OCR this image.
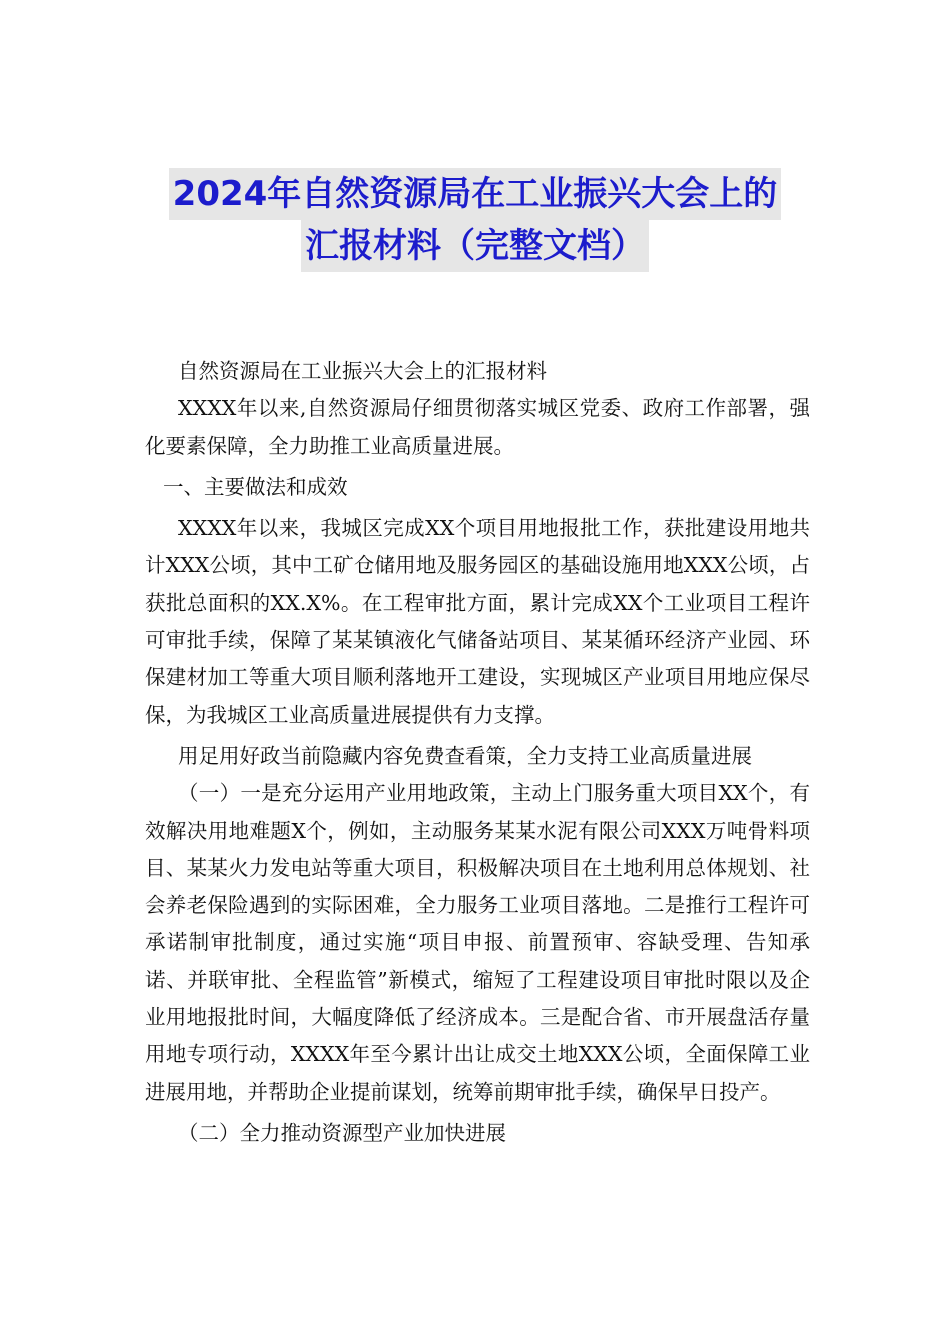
2024年自然资源局在工业振兴大会上的
汇报材料（完整文档）

自然资源局在工业振兴大会上的汇报材料

XXXX年以来,自然资源局仔细贯彻落实城区党委、政府工作部署，强化要素保障，全力助推工业高质量进展。

一、主要做法和成效

XXXX年以来，我城区完成XX个项目用地报批工作，获批建设用地共计XXX公顷，其中工矿仓储用地及服务园区的基础设施用地XXX公顷，占获批总面积的XX.X%。在工程审批方面，累计完成XX个工业项目工程许可审批手续，保障了某某镇液化气储备站项目、某某循环经济产业园、环保建材加工等重大项目顺利落地开工建设，实现城区产业项目用地应保尽保，为我城区工业高质量进展提供有力支撑。

用足用好政当前隐藏内容免费查看策，全力支持工业高质量进展

（一）一是充分运用产业用地政策，主动上门服务重大项目XX个，有效解决用地难题X个，例如，主动服务某某水泥有限公司XXX万吨骨料项目、某某火力发电站等重大项目，积极解决项目在土地利用总体规划、社会养老保险遇到的实际困难，全力服务工业项目落地。二是推行工程许可承诺制审批制度，通过实施“项目申报、前置预审、容缺受理、告知承诺、并联审批、全程监管”新模式，缩短了工程建设项目审批时限以及企业用地报批时间，大幅度降低了经济成本。三是配合省、市开展盘活存量用地专项行动，XXXX年至今累计出让成交土地XXX公顷，全面保障工业进展用地，并帮助企业提前谋划，统筹前期审批手续，确保早日投产。

（二）全力推动资源型产业加快进展
